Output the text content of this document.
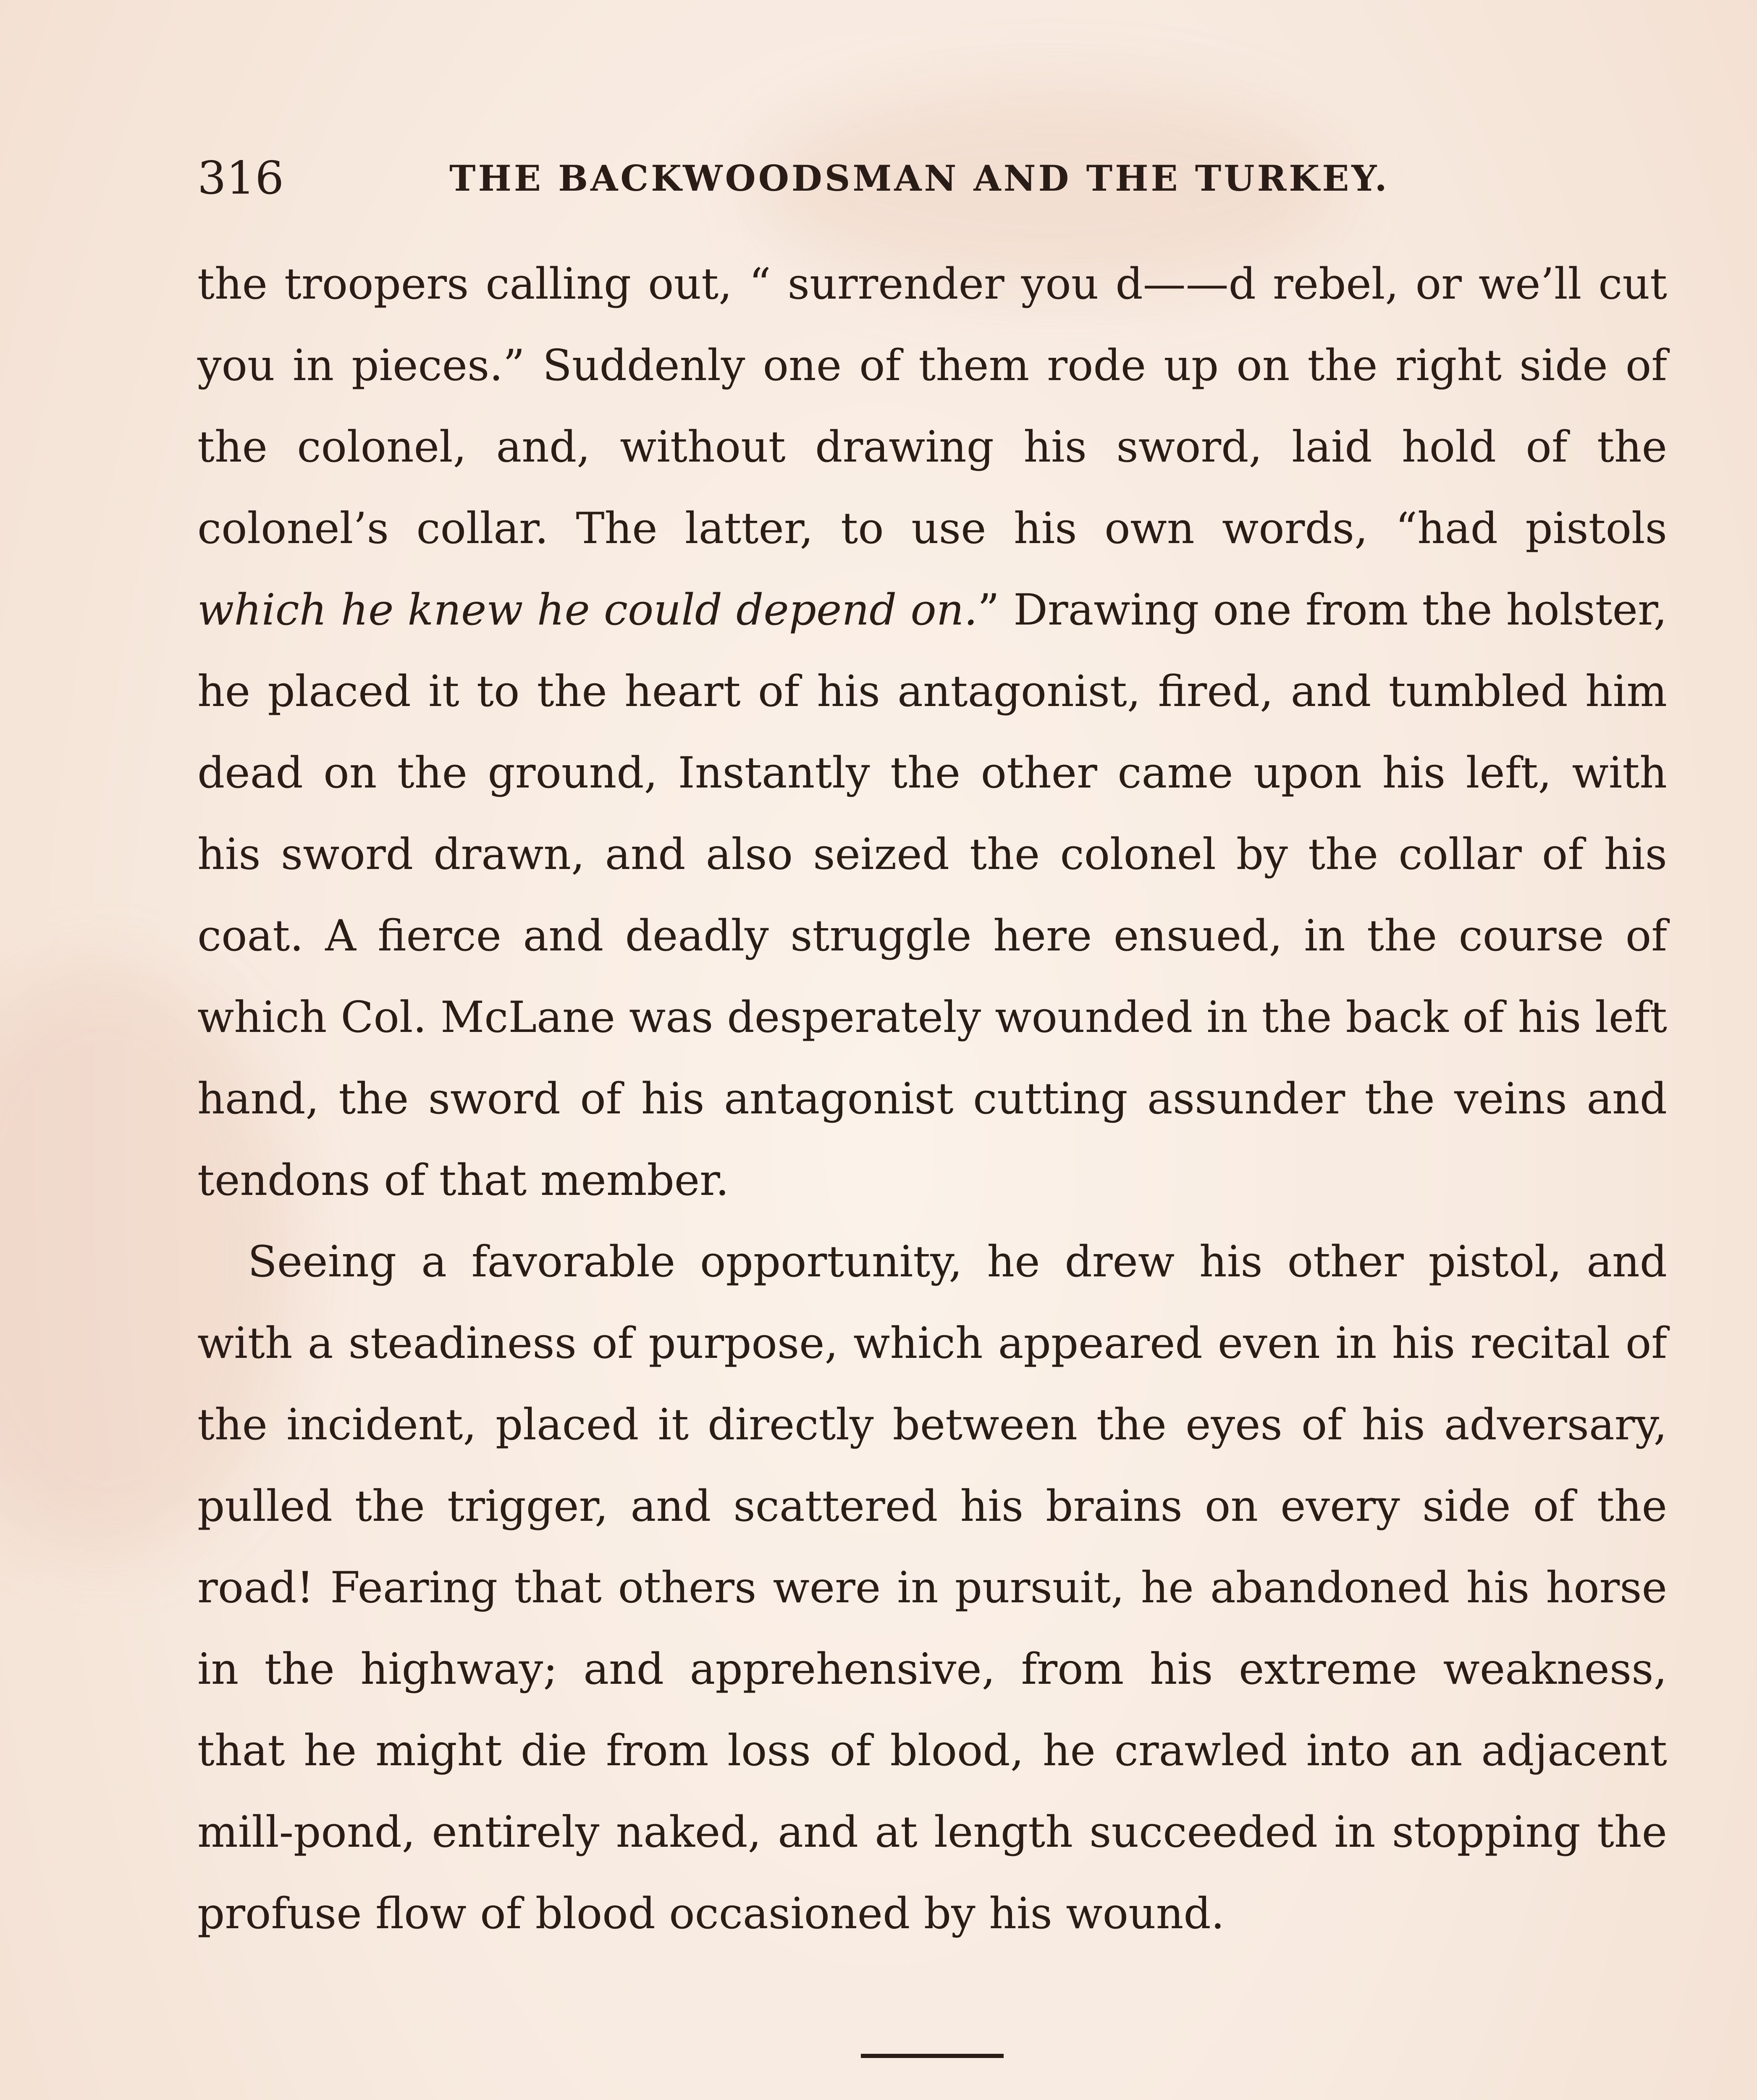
316	THE BACKWOODSMAN AND THE TURKEY.

the troopers calling out, “ surrender you d——d rebel, or we’ll cut you in pieces.” Suddenly one of them rode up on the right side of the colonel, and, without drawing his sword, laid hold of the colonel’s collar. The latter, to use his own words, “had pistols which he knew he could depend on.” Drawing one from the holster, he placed it to the heart of his antagonist, fired, and tumbled him dead on the ground, Instantly the other came upon his left, with his sword drawn, and also seized the colonel by the collar of his coat. A fierce and deadly struggle here ensued, in the course of which Col. McLane was desperately wounded in the back of his left hand, the sword of his antagonist cutting assunder the veins and tendons of that member.

Seeing a favorable opportunity, he drew his other pistol, and with a steadiness of purpose, which appeared even in his recital of the incident, placed it directly between the eyes of his adversary, pulled the trigger, and scattered his brains on every side of the road! Fearing that others were in pursuit, he abandoned his horse in the highway; and apprehensive, from his extreme weakness, that he might die from loss of blood, he crawled into an adjacent mill-pond, entirely naked, and at length succeeded in stopping the profuse flow of blood occasioned by his wound.
